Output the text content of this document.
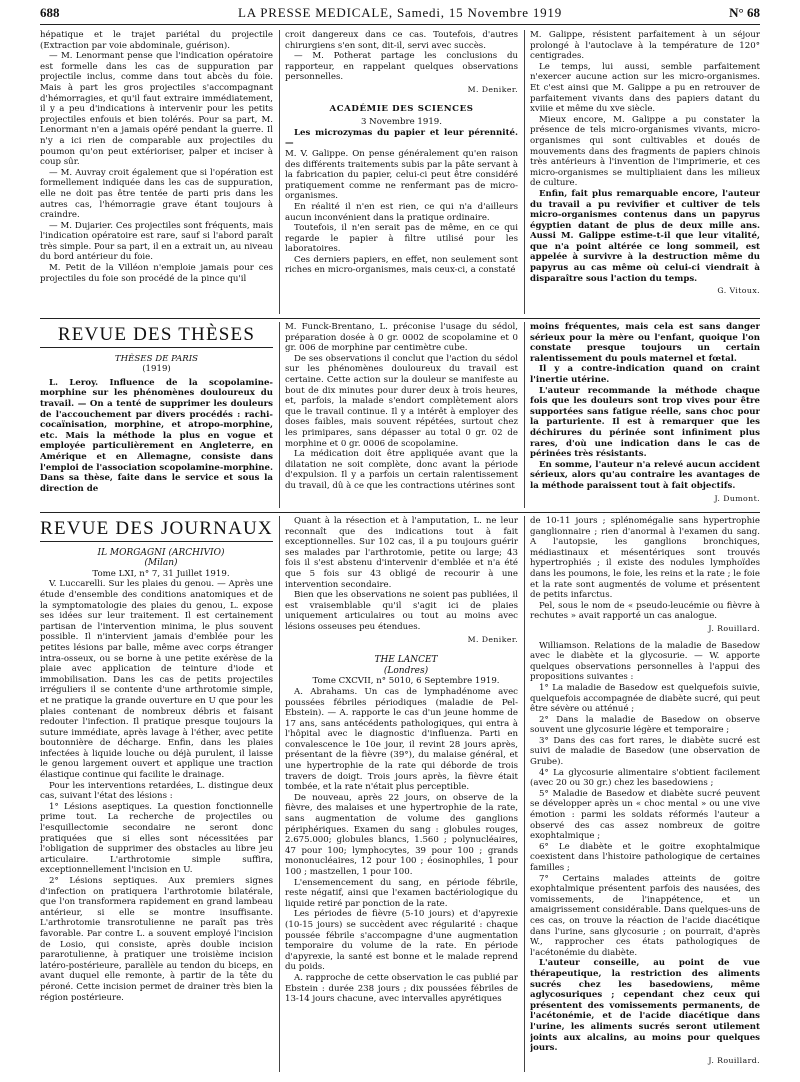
688	LA PRESSE MEDICALE, Samedi, 15 Novembre 1919	N° 68

hépatique et le trajet pariétal du projectile (Extraction par voie abdominale, guérison).

— M. Lenormant pense que l'indication opératoire est formelle dans les cas de suppuration par projectile inclus, comme dans tout abcès du foie. Mais à part les gros projectiles s'accompagnant d'hémorragies, et qu'il faut extraire immédiatement, il y a peu d'indications à intervenir pour les petits projectiles enfouis et bien tolérés. Pour sa part, M. Lenormant n'en a jamais opéré pendant la guerre. Il n'y a ici rien de comparable aux projectiles du poumon qu'on peut extérioriser, palper et inciser à coup sûr.

— M. Auvray croit également que si l'opération est formellement indiquée dans les cas de suppuration, elle ne doit pas être tentée de parti pris dans les autres cas, l'hémorragie grave étant toujours à craindre.

— M. Dujarier. Ces projectiles sont fréquents, mais l'indication opératoire est rare, sauf si l'abord paraît très simple. Pour sa part, il en a extrait un, au niveau du bord antérieur du foie.

M. Petit de la Villéon n'emploie jamais pour ces projectiles du foie son procédé de la pince qu'il

croit dangereux dans ce cas. Toutefois, d'autres chirurgiens s'en sont, dit-il, servi avec succès.

— M. Potherat partage les conclusions du rapporteur, en rappelant quelques observations personnelles.

M. Deniker.

ACADÉMIE DES SCIENCES

3 Novembre 1919.

Les microzymas du papier et leur pérennité. —

M. V. Galippe. On pense généralement qu'en raison des différents traitements subis par la pâte servant à la fabrication du papier, celui-ci peut être considéré pratiquement comme ne renfermant pas de micro-organismes.

En réalité il n'en est rien, ce qui n'a d'ailleurs aucun inconvénient dans la pratique ordinaire.

Toutefois, il n'en serait pas de même, en ce qui regarde le papier à filtre utilisé pour les laboratoires.

Ces derniers papiers, en effet, non seulement sont riches en micro-organismes, mais ceux-ci, a constaté

M. Galippe, résistent parfaitement à un séjour prolongé à l'autoclave à la température de 120° centigrades.

Le temps, lui aussi, semble parfaitement n'exercer aucune action sur les micro-organismes. Et c'est ainsi que M. Galippe a pu en retrouver de parfaitement vivants dans des papiers datant du xviiie et même du xve siècle.

Mieux encore, M. Galippe a pu constater la présence de tels micro-organismes vivants, micro-organismes qui sont cultivables et doués de mouvements dans des fragments de papiers chinois très antérieurs à l'invention de l'imprimerie, et ces micro-organismes se multipliaient dans les milieux de culture.

Enfin, fait plus remarquable encore, l'auteur du travail a pu revivifier et cultiver de tels micro-organismes contenus dans un papyrus égyptien datant de plus de deux mille ans. Aussi M. Galippe estime-t-il que leur vitalité, que n'a point altérée ce long sommeil, est appelée à survivre à la destruction même du papyrus au cas même où celui-ci viendrait à disparaître sous l'action du temps.

G. Vitoux.

REVUE DES THÈSES

THÈSES DE PARIS

(1919)

L. Leroy. Influence de la scopolamine-morphine sur les phénomènes douloureux du travail. — On a tenté de supprimer les douleurs de l'accouchement par divers procédés : rachi-cocaïnisation, morphine, et atropo-morphine, etc. Mais la méthode la plus en vogue et employée particulièrement en Angleterre, en Amérique et en Allemagne, consiste dans l'emploi de l'association scopolamine-morphine. Dans sa thèse, faite dans le service et sous la direction de

M. Funck-Brentano, L. préconise l'usage du sédol, préparation dosée à 0 gr. 0002 de scopolamine et 0 gr. 006 de morphine par centimètre cube.

De ses observations il conclut que l'action du sédol sur les phénomènes douloureux du travail est certaine. Cette action sur la douleur se manifeste au bout de dix minutes pour durer deux à trois heures, et, parfois, la malade s'endort complètement alors que le travail continue. Il y a intérêt à employer des doses faibles, mais souvent répétées, surtout chez les primipares, sans dépasser au total 0 gr. 02 de morphine et 0 gr. 0006 de scopolamine.

La médication doit être appliquée avant que la dilatation ne soit complète, donc avant la période d'expulsion. Il y a parfois un certain ralentissement du travail, dû à ce que les contractions utérines sont

moins fréquentes, mais cela est sans danger sérieux pour la mère ou l'enfant, quoique l'on constate presque toujours un certain ralentissement du pouls maternel et fœtal.

Il y a contre-indication quand on craint l'inertie utérine.

L'auteur recommande la méthode chaque fois que les douleurs sont trop vives pour être supportées sans fatigue réelle, sans choc pour la parturiente. Il est à remarquer que les déchirures du périnée sont infiniment plus rares, d'où une indication dans le cas de périnées très résistants.

En somme, l'auteur n'a relevé aucun accident sérieux, alors qu'au contraire les avantages de la méthode paraissent tout à fait objectifs.

J. Dumont.

REVUE DES JOURNAUX

IL MORGAGNI (ARCHIVIO)

(Milan)

Tome LXI, n° 7, 31 Juillet 1919.

V. Luccarelli. Sur les plaies du genou. — Après une étude d'ensemble des conditions anatomiques et de la symptomatologie des plaies du genou, L. expose ses idées sur leur traitement. Il est certainement partisan de l'intervention minima, le plus souvent possible. Il n'intervient jamais d'emblée pour les petites lésions par balle, même avec corps étranger intra-osseux, ou se borne à une petite exérèse de la plaie avec application de teinture d'iode et immobilisation. Dans les cas de petits projectiles irréguliers il se contente d'une arthrotomie simple, et ne pratique la grande ouverture en U que pour les plaies contenant de nombreux débris et faisant redouter l'infection. Il pratique presque toujours la suture immédiate, après lavage à l'éther, avec petite boutonnière de décharge. Enfin, dans les plaies infectées à liquide louche ou déjà purulent, il laisse le genou largement ouvert et applique une traction élastique continue qui facilite le drainage.

Pour les interventions retardées, L. distingue deux cas, suivant l'état des lésions :

1° Lésions aseptiques. La question fonctionnelle prime tout. La recherche de projectiles ou l'esquillectomie secondaire ne seront donc pratiquées que si elles sont nécessitées par l'obligation de supprimer des obstacles au libre jeu articulaire. L'arthrotomie simple suffira, exceptionnellement l'incision en U.

2° Lésions septiques. Aux premiers signes d'infection on pratiquera l'arthrotomie bilatérale, que l'on transformera rapidement en grand lambeau antérieur, si elle se montre insuffisante. L'arthrotomie transrotulienne ne paraît pas très favorable. Par contre L. a souvent employé l'incision de Losio, qui consiste, après double incision pararotulienne, à pratiquer une troisième incision latéro-postérieure, parallèle au tendon du biceps, en avant duquel elle remonte, à partir de la tête du péroné. Cette incision permet de drainer très bien la région postérieure.

Quant à la résection et à l'amputation, L. ne leur reconnaît que des indications tout à fait exceptionnelles. Sur 102 cas, il a pu toujours guérir ses malades par l'arthrotomie, petite ou large; 43 fois il s'est abstenu d'intervenir d'emblée et n'a été que 5 fois sur 43 obligé de recourir à une intervention secondaire.

Bien que les observations ne soient pas publiées, il est vraisemblable qu'il s'agit ici de plaies uniquement articulaires ou tout au moins avec lésions osseuses peu étendues.

M. Deniker.

THE LANCET

(Londres)

Tome CXCVII, n° 5010, 6 Septembre 1919.

A. Abrahams. Un cas de lymphadénome avec poussées fébriles périodiques (maladie de Pel-Ebstein). — A. rapporte le cas d'un jeune homme de 17 ans, sans antécédents pathologiques, qui entra à l'hôpital avec le diagnostic d'influenza. Parti en convalescence le 10e jour, il revint 28 jours après, présentant de la fièvre (39°), du malaise général, et une hypertrophie de la rate qui déborde de trois travers de doigt. Trois jours après, la fièvre était tombée, et la rate n'était plus perceptible.

De nouveau, après 22 jours, on observe de la fièvre, des malaises et une hypertrophie de la rate, sans augmentation de volume des ganglions périphériques. Examen du sang : globules rouges, 2.675.000; globules blancs, 1.560 ; polynucléaires, 47 pour 100; lymphocytes, 39 pour 100 ; grands mononucléaires, 12 pour 100 ; éosinophiles, 1 pour 100 ; mastzellen, 1 pour 100.

L'ensemencement du sang, en période fébrile, reste négatif, ainsi que l'examen bactériologique du liquide retiré par ponction de la rate.

Les périodes de fièvre (5-10 jours) et d'apyrexie (10-15 jours) se succèdent avec régularité : chaque poussée fébrile s'accompagne d'une augmentation temporaire du volume de la rate. En période d'apyrexie, la santé est bonne et le malade reprend du poids.

A. rapproche de cette observation le cas publié par Ebstein : durée 238 jours ; dix poussées fébriles de 13-14 jours chacune, avec intervalles apyrétiques

de 10-11 jours ; splénomégalie sans hypertrophie ganglionnaire ; rien d'anormal à l'examen du sang. A l'autopsie, les ganglions bronchiques, médiastinaux et mésentériques sont trouvés hypertrophiés ; il existe des nodules lymphoïdes dans les poumons, le foie, les reins et la rate ; le foie et la rate sont augmentés de volume et présentent de petits infarctus.

Pel, sous le nom de « pseudo-leucémie ou fièvre à rechutes » avait rapporté un cas analogue.

J. Rouillard.

Williamson. Relations de la maladie de Basedow avec le diabète et la glycosurie. — W. apporte quelques observations personnelles à l'appui des propositions suivantes :

1° La maladie de Basedow est quelquefois suivie, quelquefois accompagnée de diabète sucré, qui peut être sévère ou atténué ;

2° Dans la maladie de Basedow on observe souvent une glycosurie légère et temporaire ;

3° Dans des cas fort rares, le diabète sucré est suivi de maladie de Basedow (une observation de Grube).

4° La glycosurie alimentaire s'obtient facilement (avec 20 ou 30 gr.) chez les basedowiens ;

5° Maladie de Basedow et diabète sucré peuvent se développer après un « choc mental » ou une vive émotion : parmi les soldats réformés l'auteur a observé des cas assez nombreux de goitre exophtalmique ;

6° Le diabète et le goitre exophtalmique coexistent dans l'histoire pathologique de certaines familles ;

7° Certains malades atteints de goitre exophtalmique présentent parfois des nausées, des vomissements, de l'inappétence, et un amaigrissement considérable. Dans quelques-uns de ces cas, on trouve la réaction de l'acide diacétique dans l'urine, sans glycosurie ; on pourrait, d'après W., rapprocher ces états pathologiques de l'acétonémie du diabète.

L'auteur conseille, au point de vue thérapeutique, la restriction des aliments sucrés chez les basedowiens, même aglycosuriques ; cependant chez ceux qui présentent des vomissements permanents, de l'acétonémie, et de l'acide diacétique dans l'urine, les aliments sucrés seront utilement joints aux alcalins, au moins pour quelques jours.

J. Rouillard.
